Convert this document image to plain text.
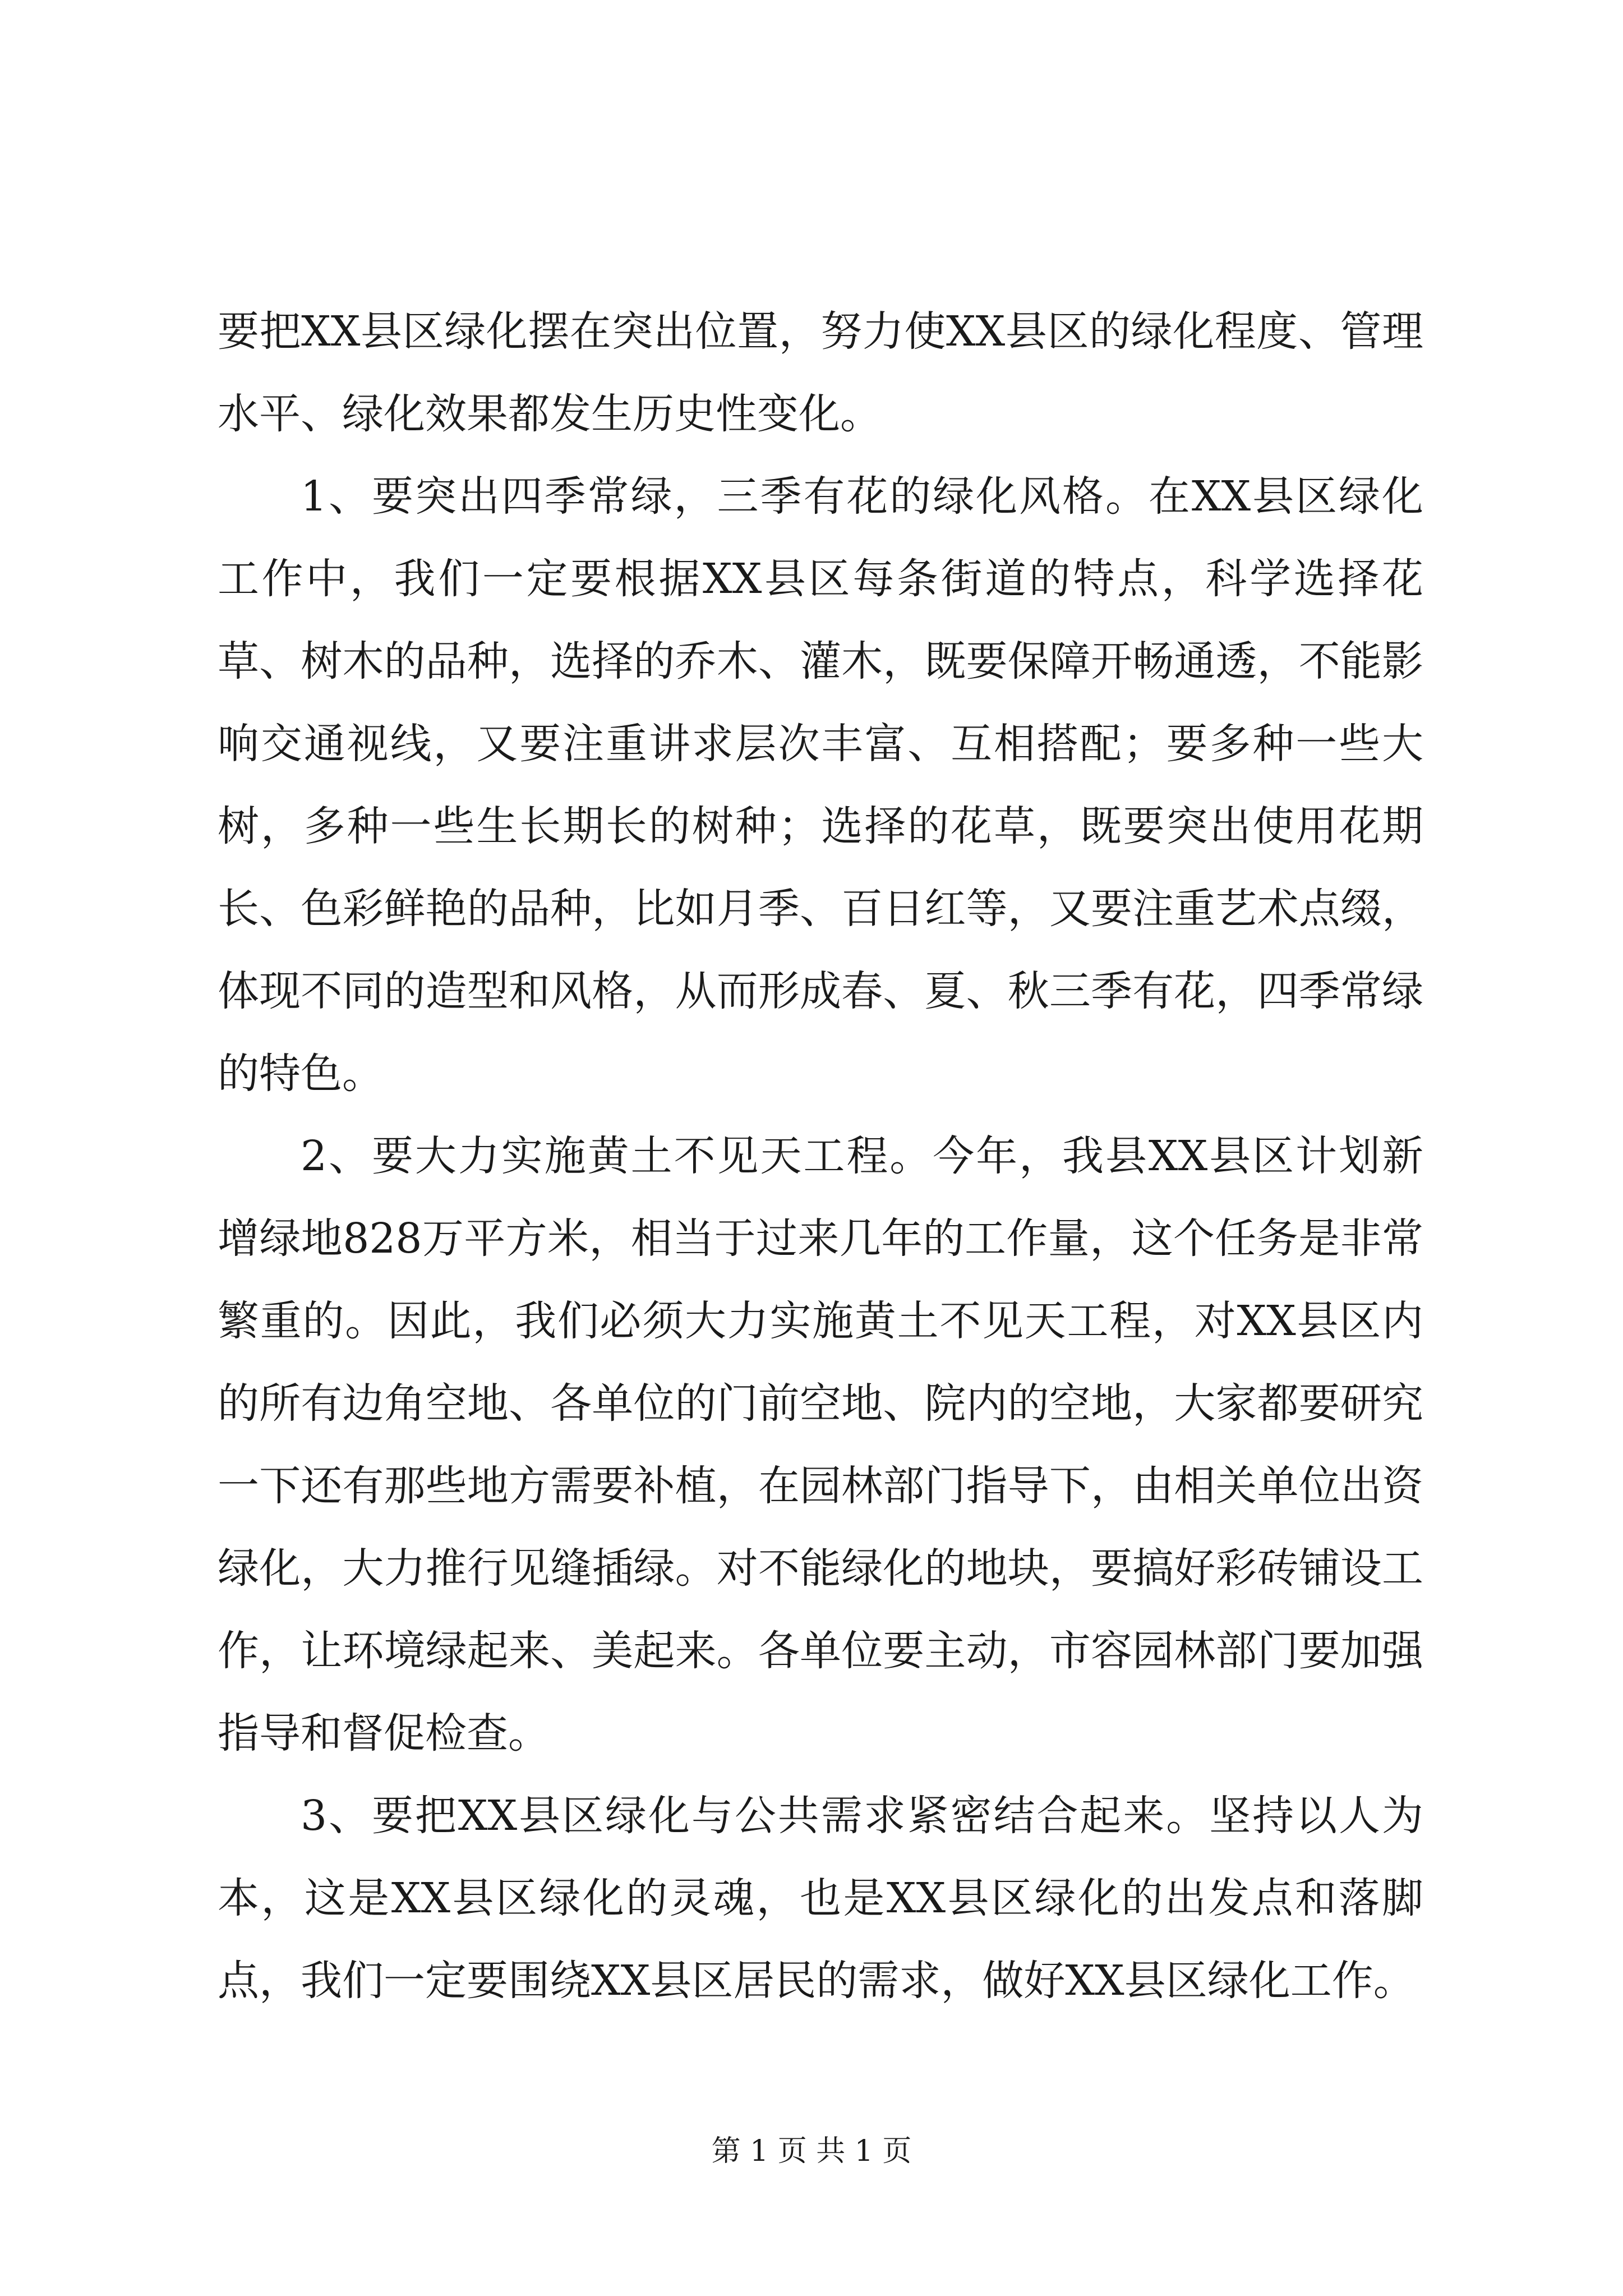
要把XX县区绿化摆在突出位置，努力使XX县区的绿化程度、管理水平、绿化效果都发生历史性变化。

1、要突出四季常绿，三季有花的绿化风格。在XX县区绿化工作中，我们一定要根据XX县区每条街道的特点，科学选择花草、树木的品种，选择的乔木、灌木，既要保障开畅通透，不能影响交通视线，又要注重讲求层次丰富、互相搭配；要多种一些大树，多种一些生长期长的树种；选择的花草，既要突出使用花期长、色彩鲜艳的品种，比如月季、百日红等，又要注重艺术点缀，体现不同的造型和风格，从而形成春、夏、秋三季有花，四季常绿的特色。

2、要大力实施黄土不见天工程。今年，我县XX县区计划新增绿地828万平方米，相当于过来几年的工作量，这个任务是非常繁重的。因此，我们必须大力实施黄土不见天工程，对XX县区内的所有边角空地、各单位的门前空地、院内的空地，大家都要研究一下还有那些地方需要补植，在园林部门指导下，由相关单位出资绿化，大力推行见缝插绿。对不能绿化的地块，要搞好彩砖铺设工作，让环境绿起来、美起来。各单位要主动，市容园林部门要加强指导和督促检查。

3、要把XX县区绿化与公共需求紧密结合起来。坚持以人为本，这是XX县区绿化的灵魂，也是XX县区绿化的出发点和落脚点，我们一定要围绕XX县区居民的需求，做好XX县区绿化工作。

第 1 页 共 1 页
